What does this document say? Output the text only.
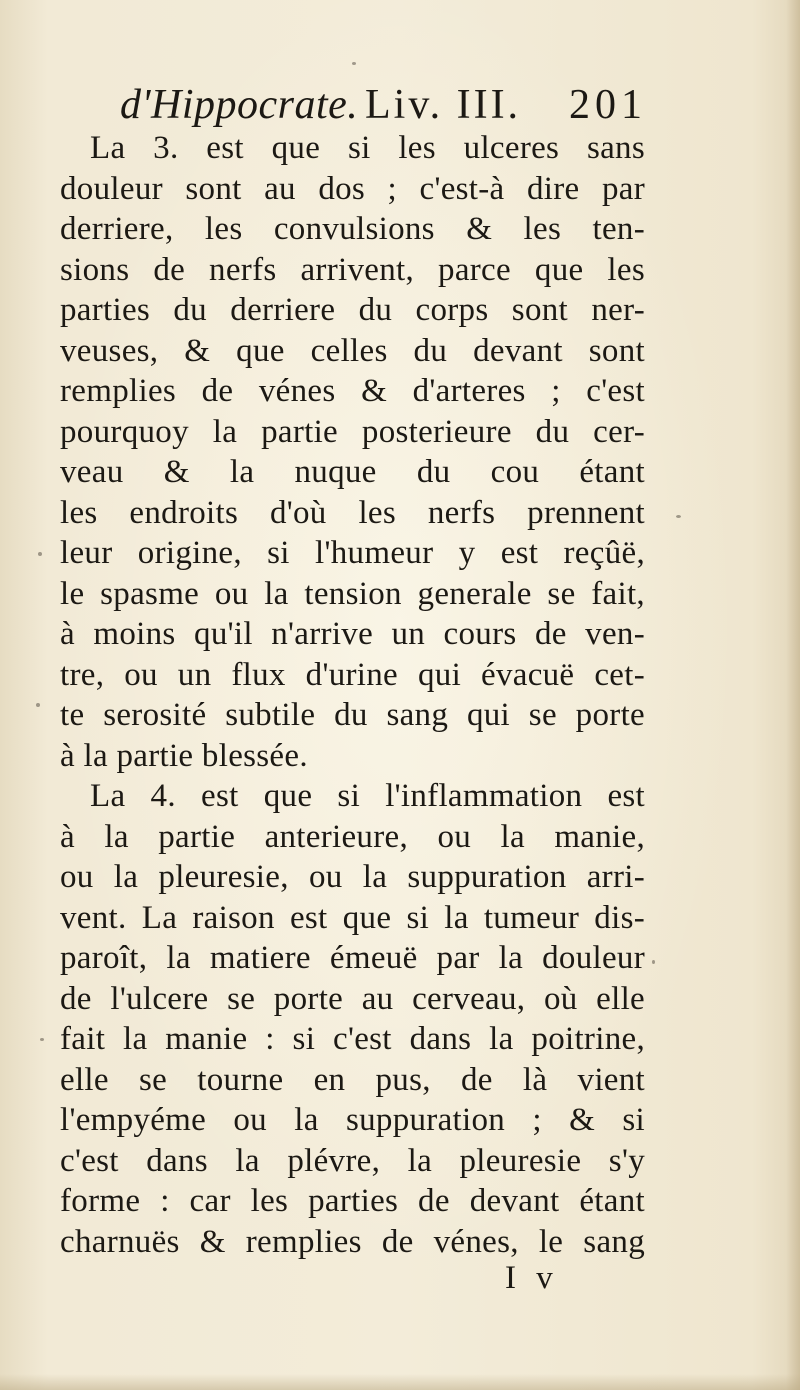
d'Hippocrate. Liv. III. 201
La 3. est que si les ulceres sans
douleur sont au dos ; c'est-à dire par
derriere, les convulsions & les ten-
sions de nerfs arrivent, parce que les
parties du derriere du corps sont ner-
veuses, & que celles du devant sont
remplies de vénes & d'arteres ; c'est
pourquoy la partie posterieure du cer-
veau & la nuque du cou étant
les endroits d'où les nerfs prennent
leur origine, si l'humeur y est reçûë,
le spasme ou la tension generale se fait,
à moins qu'il n'arrive un cours de ven-
tre, ou un flux d'urine qui évacuë cet-
te serosité subtile du sang qui se porte
à la partie blessée.
La 4. est que si l'inflammation est
à la partie anterieure, ou la manie,
ou la pleuresie, ou la suppuration arri-
vent. La raison est que si la tumeur dis-
paroît, la matiere émeuë par la douleur
de l'ulcere se porte au cerveau, où elle
fait la manie : si c'est dans la poitrine,
elle se tourne en pus, de là vient
l'empyéme ou la suppuration ; & si
c'est dans la plévre, la pleuresie s'y
forme : car les parties de devant étant
charnuës & remplies de vénes, le sang
I v
